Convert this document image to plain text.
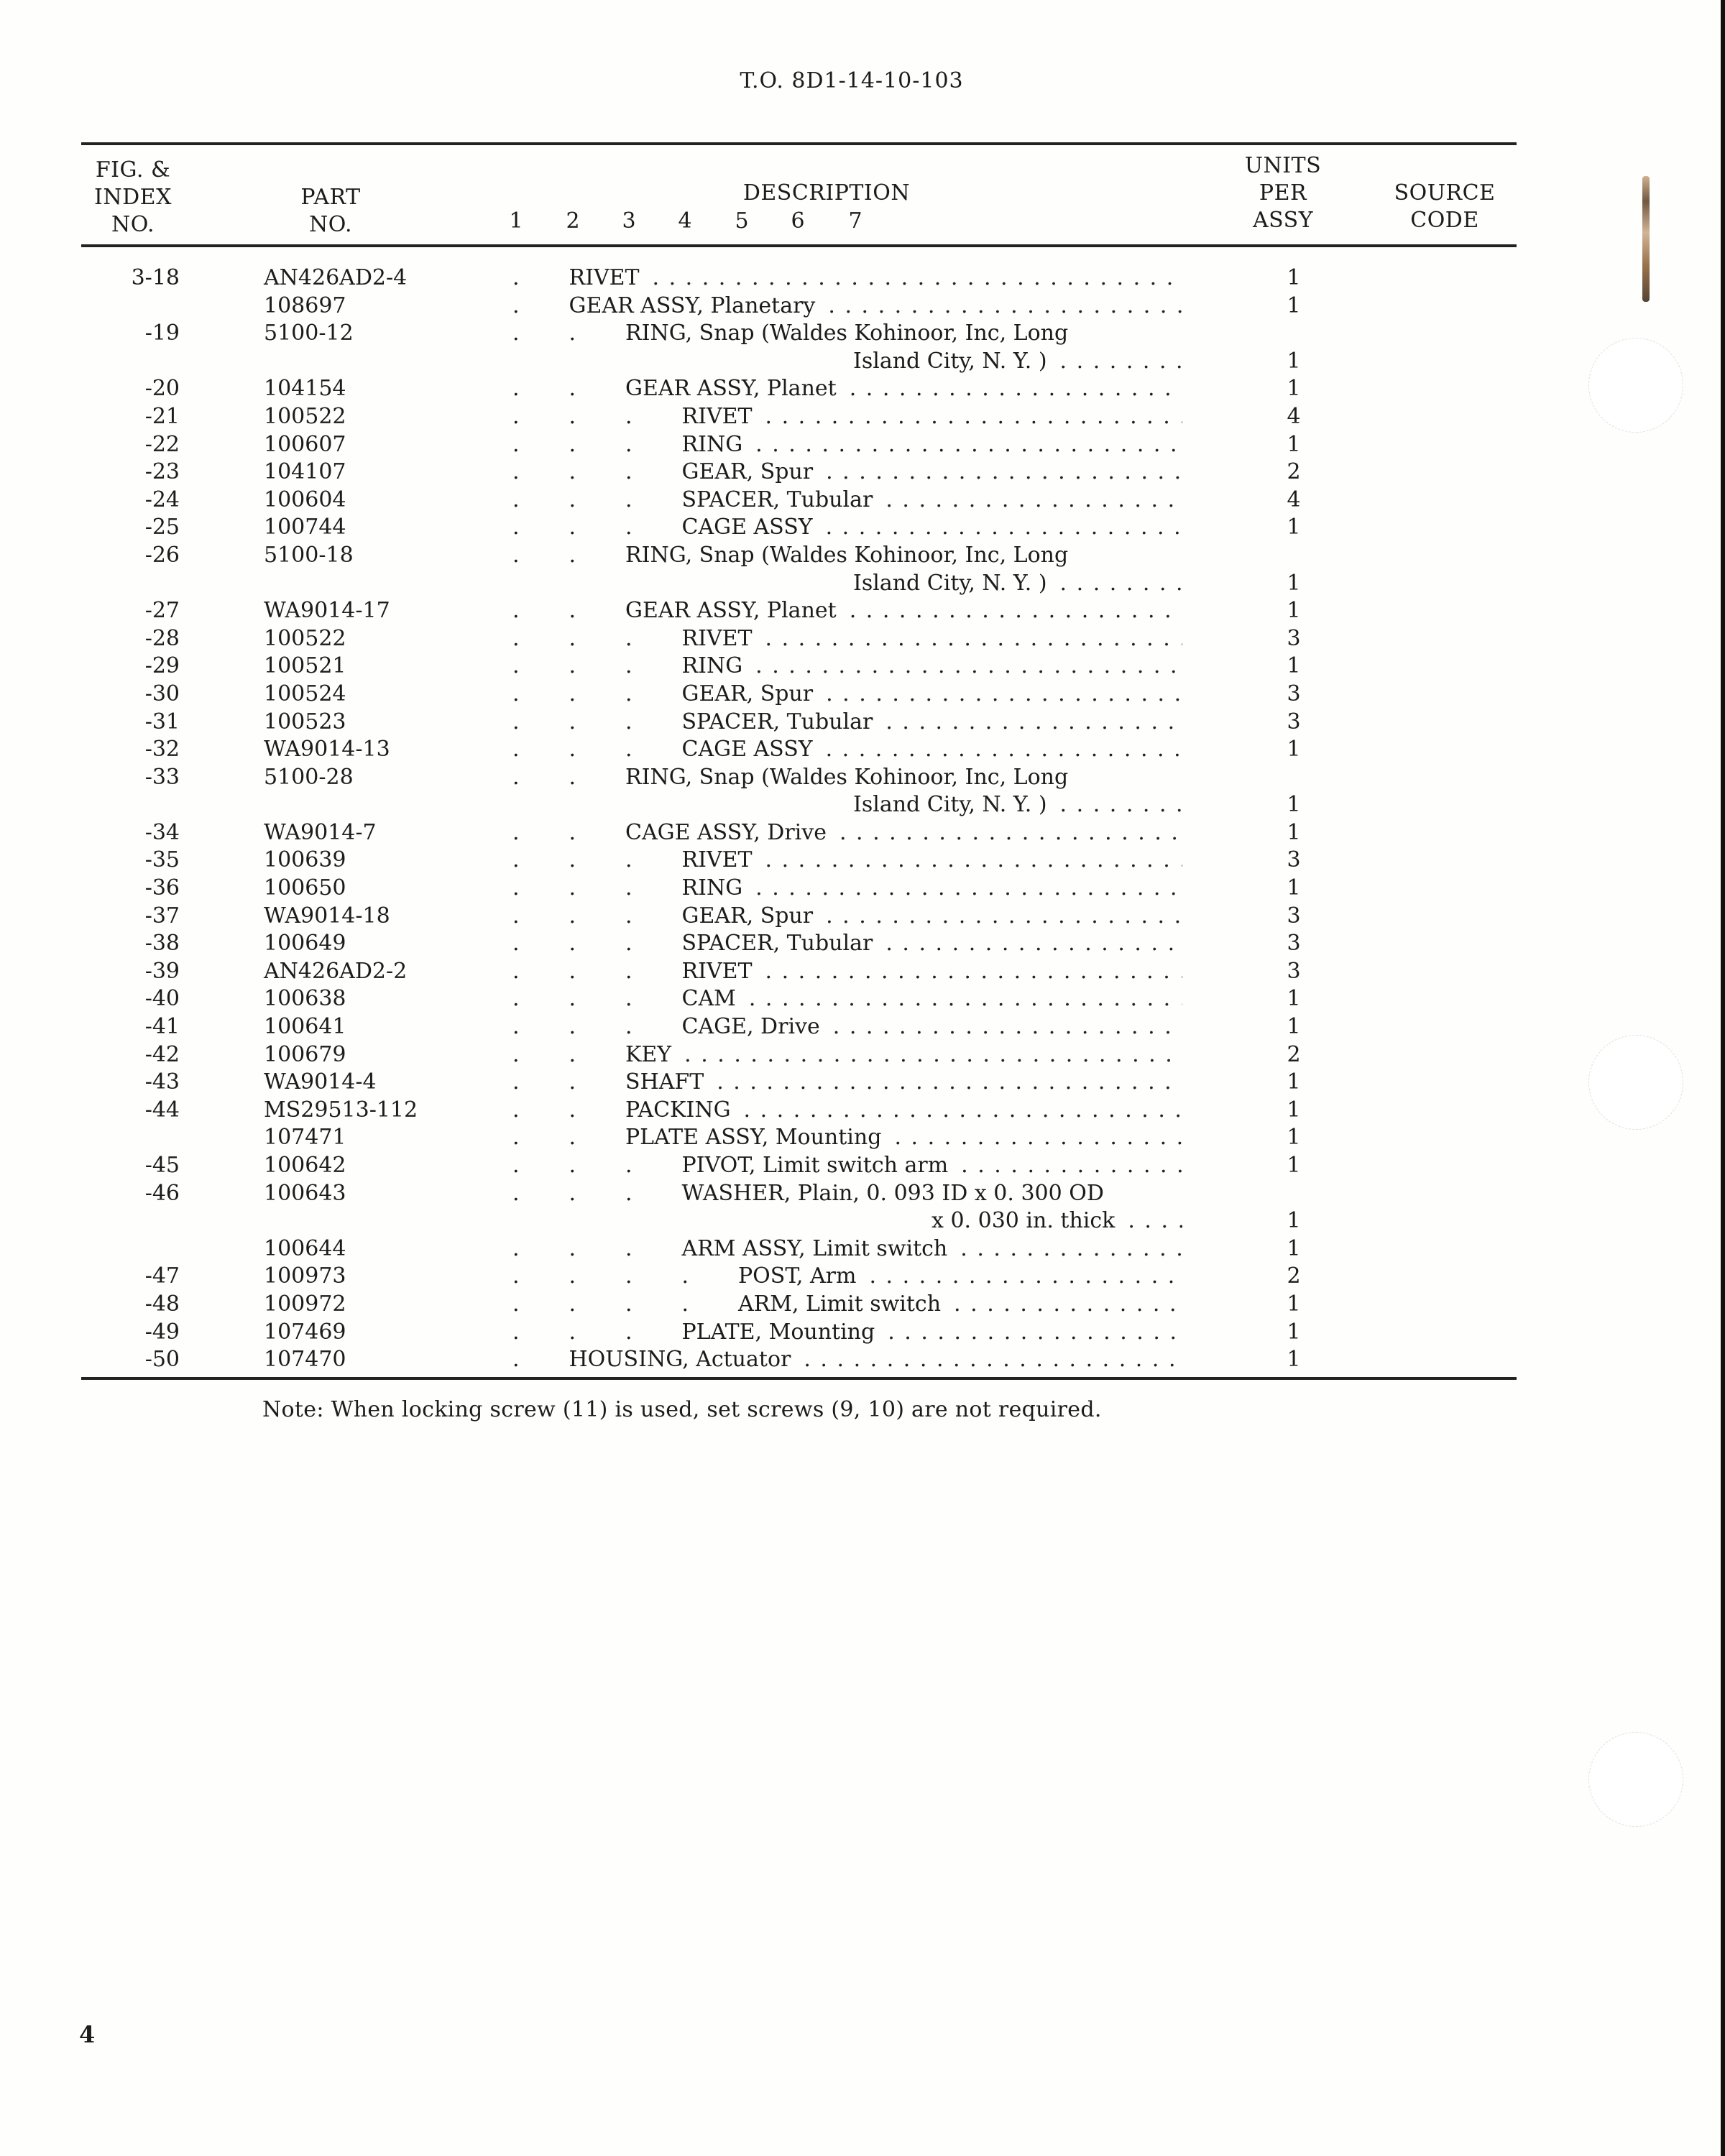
T.O. 8D1-14-10-103
FIG. &
INDEX
NO.
PART
NO.
DESCRIPTION
1 2 3 4 5 6 7
UNITS
PER
ASSY
SOURCE
CODE
3-18	AN426AD2-4	.	RIVET . . .	1
108697	.	GEAR ASSY, Planetary . . .	1
-19	5100-12	. .	RING, Snap (Waldes Kohinoor, Inc, Long
Island City, N. Y. ) . . .	1
-20	104154	. .	GEAR ASSY, Planet . . .	1
-21	100522	. . .	RIVET . . .	4
-22	100607	. . .	RING . . .	1
-23	104107	. . .	GEAR, Spur . . .	2
-24	100604	. . .	SPACER, Tubular . . .	4
-25	100744	. . .	CAGE ASSY . . .	1
-26	5100-18	. .	RING, Snap (Waldes Kohinoor, Inc, Long
Island City, N. Y. ) . . .	1
-27	WA9014-17	. .	GEAR ASSY, Planet . . .	1
-28	100522	. . .	RIVET . . .	3
-29	100521	. . .	RING . . .	1
-30	100524	. . .	GEAR, Spur . . .	3
-31	100523	. . .	SPACER, Tubular . . .	3
-32	WA9014-13	. . .	CAGE ASSY . . .	1
-33	5100-28	. .	RING, Snap (Waldes Kohinoor, Inc, Long
Island City, N. Y. ) . . .	1
-34	WA9014-7	. .	CAGE ASSY, Drive . . .	1
-35	100639	. . .	RIVET . . .	3
-36	100650	. . .	RING . . .	1
-37	WA9014-18	. . .	GEAR, Spur . . .	3
-38	100649	. . .	SPACER, Tubular . . .	3
-39	AN426AD2-2	. . .	RIVET . . .	3
-40	100638	. . .	CAM . . .	1
-41	100641	. . .	CAGE, Drive . . .	1
-42	100679	. .	KEY . . .	2
-43	WA9014-4	. .	SHAFT . . .	1
-44	MS29513-112	. .	PACKING . . .	1
107471	. .	PLATE ASSY, Mounting . . .	1
-45	100642	. . .	PIVOT, Limit switch arm . . .	1
-46	100643	. . .	WASHER, Plain, 0. 093 ID x 0. 300 OD
x 0. 030 in. thick . . .	1
100644	. . .	ARM ASSY, Limit switch . . .	1
-47	100973	. . . .	POST, Arm . . .	2
-48	100972	. . . .	ARM, Limit switch . . .	1
-49	107469	. . .	PLATE, Mounting . . .	1
-50	107470	.	HOUSING, Actuator . . .	1
Note: When locking screw (11) is used, set screws (9, 10) are not required.
4
